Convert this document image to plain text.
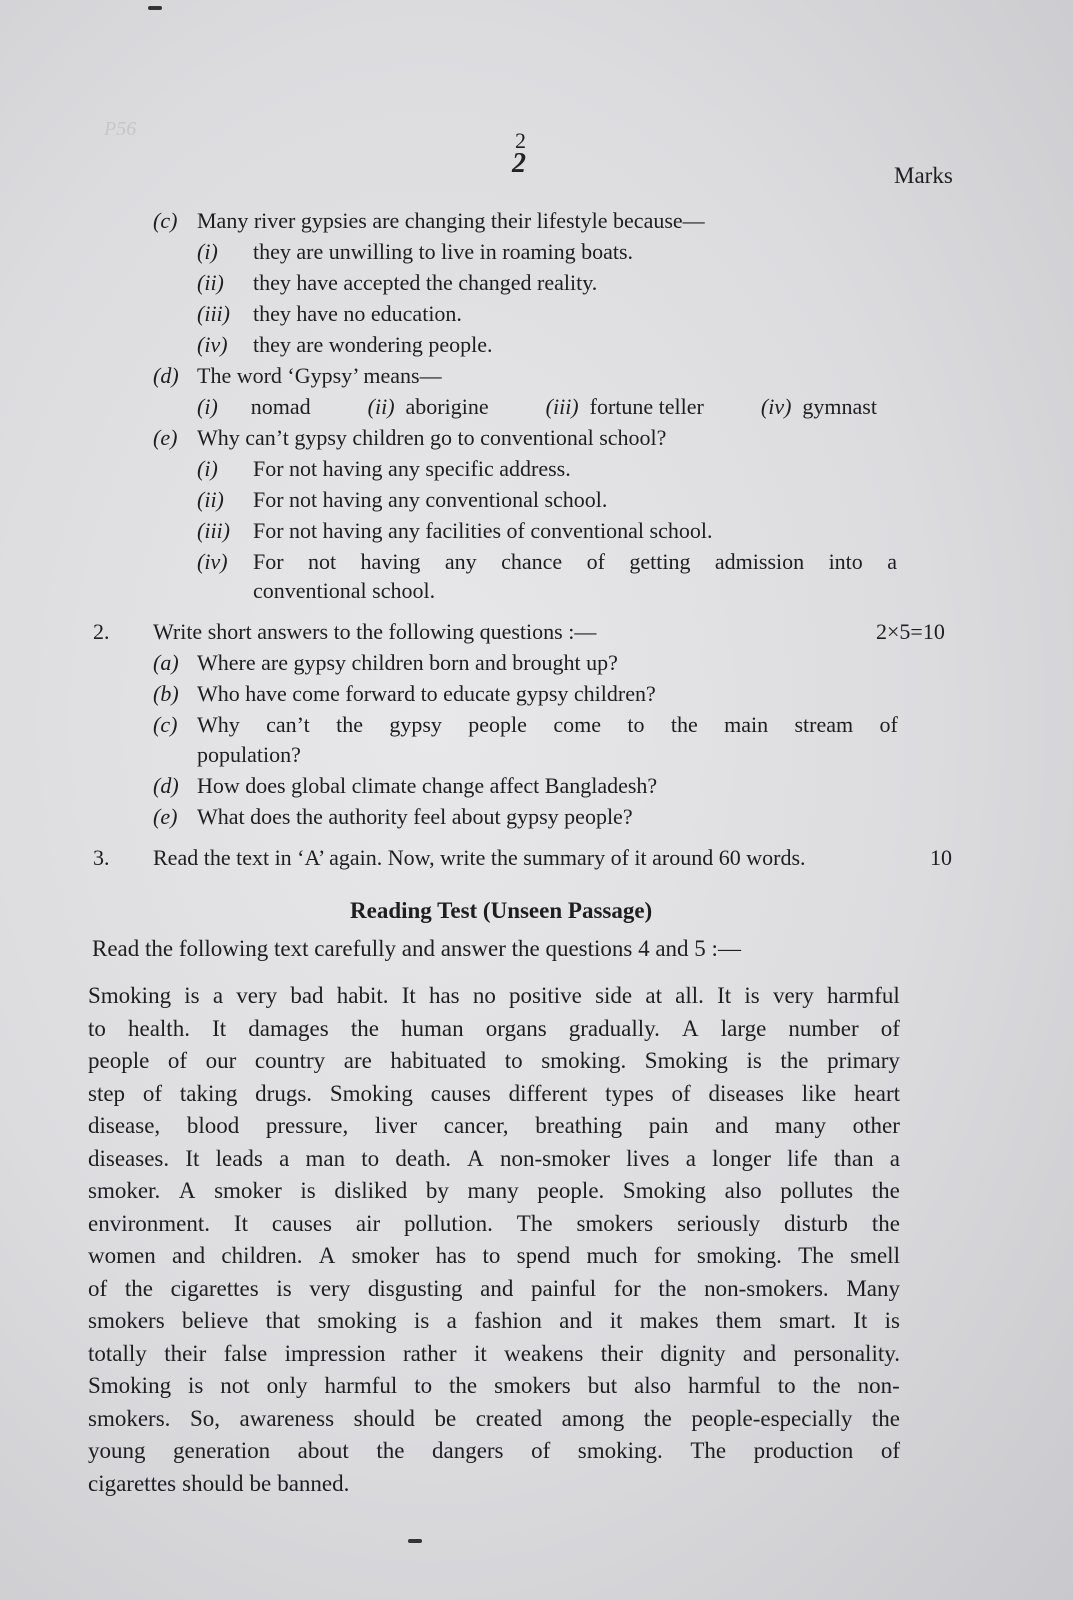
P56	2
2	Marks
(c) Many river gypsies are changing their lifestyle because—
(i) they are unwilling to live in roaming boats.
(ii) they have accepted the changed reality.
(iii) they have no education.
(iv) they are wondering people.
(d) The word ‘Gypsy’ means—
(i) nomad	(ii) aborigine	(iii) fortune teller	(iv) gymnast
(e) Why can’t gypsy children go to conventional school?
(i) For not having any specific address.
(ii) For not having any conventional school.
(iii) For not having any facilities of conventional school.
(iv)	For not having any chance of getting admission into a
conventional school.
2. Write short answers to the following questions :—	2×5=10
(a) Where are gypsy children born and brought up?
(b) Who have come forward to educate gypsy children?
(c) Why can’t the gypsy people come to the main stream of
population?
(d) How does global climate change affect Bangladesh?
(e) What does the authority feel about gypsy people?
3. Read the text in ‘A’ again. Now, write the summary of it around 60 words.	10
Reading Test (Unseen Passage)
Read the following text carefully and answer the questions 4 and 5 :—
Smoking is a very bad habit. It has no positive side at all. It is very harmful
to health. It damages the human organs gradually. A large number of
people of our country are habituated to smoking. Smoking is the primary
step of taking drugs. Smoking causes different types of diseases like heart
disease, blood pressure, liver cancer, breathing pain and many other
diseases. It leads a man to death. A non-smoker lives a longer life than a
smoker. A smoker is disliked by many people. Smoking also pollutes the
environment. It causes air pollution. The smokers seriously disturb the
women and children. A smoker has to spend much for smoking. The smell
of the cigarettes is very disgusting and painful for the non-smokers. Many
smokers believe that smoking is a fashion and it makes them smart. It is
totally their false impression rather it weakens their dignity and personality.
Smoking is not only harmful to the smokers but also harmful to the non-
smokers. So, awareness should be created among the people-especially the
young generation about the dangers of smoking. The production of
cigarettes should be banned.
